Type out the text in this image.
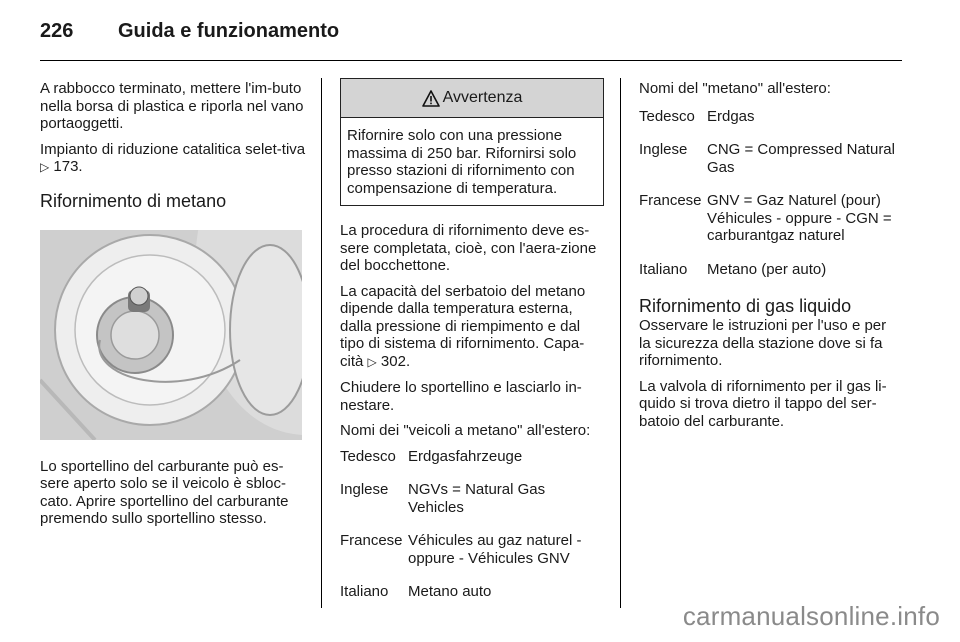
226 Guida e funzionamento

A rabbocco terminato, mettere l'im-buto nella borsa di plastica e riporla nel vano portaoggetti.

Impianto di riduzione catalitica selet-tiva ▷ 173.

Rifornimento di metano

Lo sportellino del carburante può es-sere aperto solo se il veicolo è sbloc-cato. Aprire sportellino del carburante premendo sullo sportellino stesso.

Avvertenza
Rifornire solo con una pressione massima di 250 bar. Rifornirsi solo presso stazioni di rifornimento con compensazione di temperatura.

La procedura di rifornimento deve es-sere completata, cioè, con l'aera-zione del bocchettone.

La capacità del serbatoio del metano dipende dalla temperatura esterna, dalla pressione di riempimento e dal tipo di sistema di rifornimento. Capa-cità ▷ 302.

Chiudere lo sportellino e lasciarlo in-nestare.

Nomi dei "veicoli a metano" all'estero:

Tedesco	Erdgasfahrzeuge
Inglese	NGVs = Natural Gas Vehicles
Francese	Véhicules au gaz naturel - oppure - Véhicules GNV
Italiano	Metano auto

Nomi del "metano" all'estero:

Tedesco	Erdgas
Inglese	CNG = Compressed Natural Gas
Francese	GNV = Gaz Naturel (pour) Véhicules - oppure - CGN = carburantgaz naturel
Italiano	Metano (per auto)
Rifornimento di gas liquido

Osservare le istruzioni per l'uso e per la sicurezza della stazione dove si fa rifornimento.

La valvola di rifornimento per il gas li-quido si trova dietro il tappo del ser-batoio del carburante.

carmanualsonline.info
